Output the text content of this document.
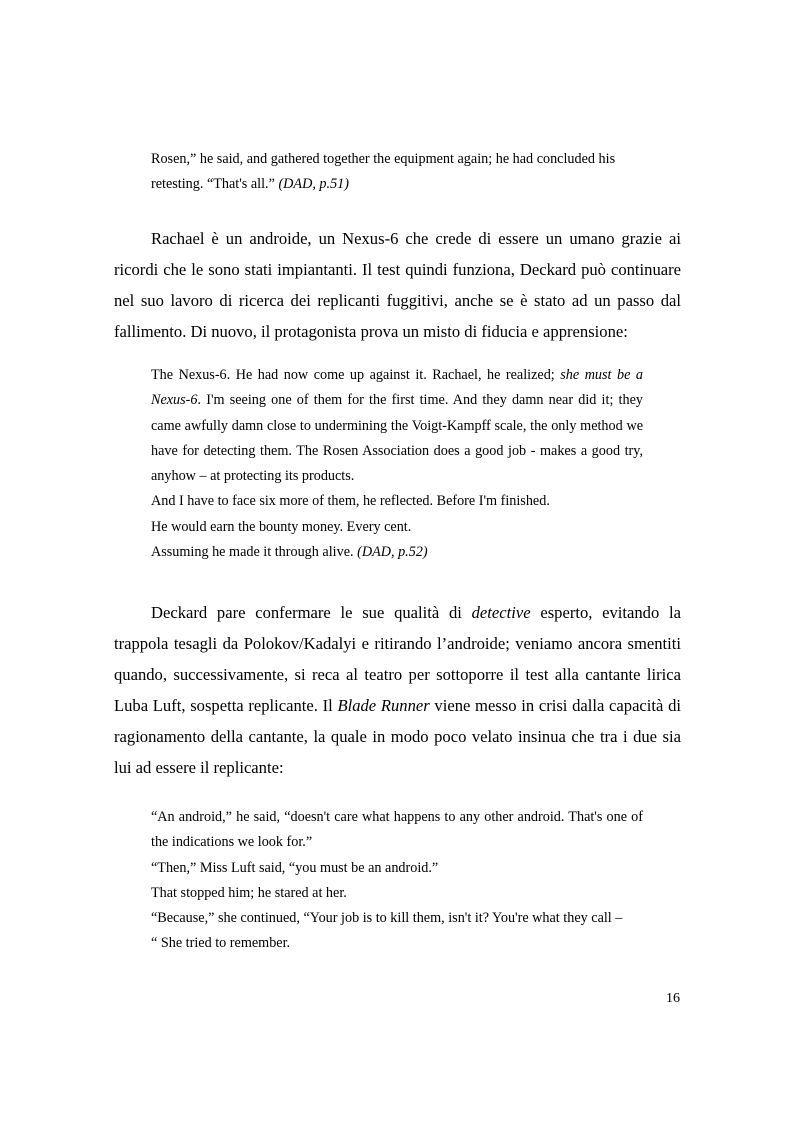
Rosen,” he said, and gathered together the equipment again; he had concluded his

retesting. “That's all.” (DAD, p.51)

Rachael è un androide, un Nexus-6 che crede di essere un umano grazie ai ricordi che le sono stati impiantanti. Il test quindi funziona, Deckard può continuare nel suo lavoro di ricerca dei replicanti fuggitivi, anche se è stato ad un passo dal fallimento. Di nuovo, il protagonista prova un misto di fiducia e apprensione:

The Nexus-6. He had now come up against it. Rachael, he realized; she must be a Nexus-6. I'm seeing one of them for the first time. And they damn near did it; they came awfully damn close to undermining the Voigt-Kampff scale, the only method we have for detecting them. The Rosen Association does a good job - makes a good try, anyhow – at protecting its products.

And I have to face six more of them, he reflected. Before I'm finished.

He would earn the bounty money. Every cent.

Assuming he made it through alive. (DAD, p.52)

Deckard pare confermare le sue qualità di detective esperto, evitando la trappola tesagli da Polokov/Kadalyi e ritirando l’androide; veniamo ancora smentiti quando, successivamente, si reca al teatro per sottoporre il test alla cantante lirica Luba Luft, sospetta replicante. Il Blade Runner viene messo in crisi dalla capacità di ragionamento della cantante, la quale in modo poco velato insinua che tra i due sia lui ad essere il replicante:

“An android,” he said, “doesn't care what happens to any other android. That's one of the indications we look for.”

“Then,” Miss Luft said, “you must be an android.”

That stopped him; he stared at her.

“Because,” she continued, “Your job is to kill them, isn't it? You're what they call –

“ She tried to remember.

16
